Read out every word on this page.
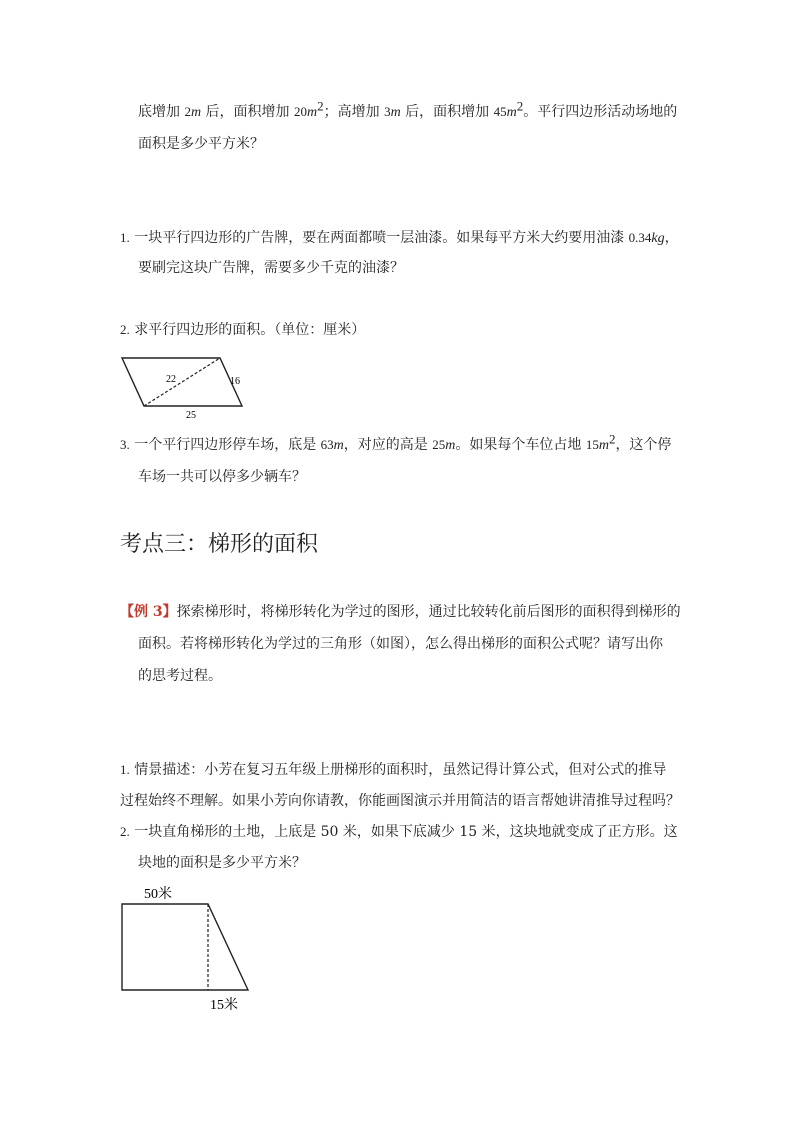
底增加 2m 后，面积增加 $20m^2$；高增加 3m 后，面积增加 $45m^2$。平行四边形活动场地的
面积是多少平方米？
1. 一块平行四边形的广告牌，要在两面都喷一层油漆。如果每平方米大约要用油漆 0.34kg，
要刷完这块广告牌，需要多少千克的油漆？
2. 求平行四边形的面积。（单位：厘米）
22	16
25
3. 一个平行四边形停车场，底是 63m，对应的高是 25m。如果每个车位占地 $15m^2$，这个停
车场一共可以停多少辆车？
考点三：梯形的面积
【例 3】探索梯形时，将梯形转化为学过的图形，通过比较转化前后图形的面积得到梯形的
面积。若将梯形转化为学过的三角形（如图），怎么得出梯形的面积公式呢？请写出你
的思考过程。
1. 情景描述：小芳在复习五年级上册梯形的面积时，虽然记得计算公式，但对公式的推导
过程始终不理解。如果小芳向你请教，你能画图演示并用简洁的语言帮她讲清推导过程吗？
2. 一块直角梯形的土地，上底是 50 米，如果下底减少 15 米，这块地就变成了正方形。这
块地的面积是多少平方米？
50米
15米
